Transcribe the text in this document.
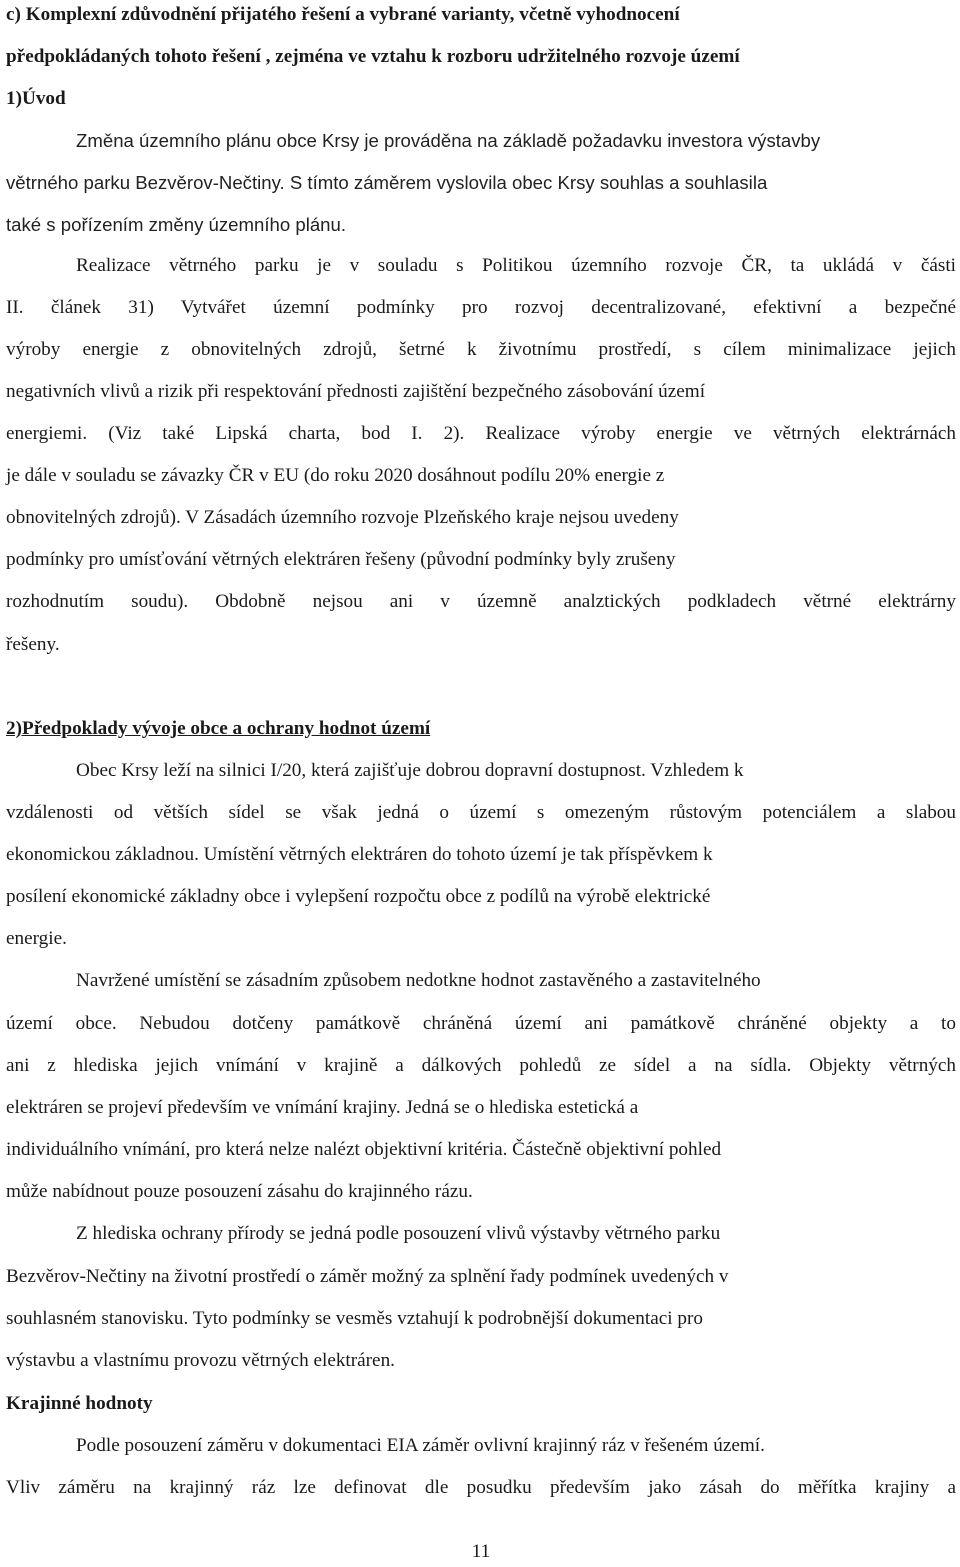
c) Komplexní zdůvodnění přijatého řešení a vybrané varianty, včetně vyhodnocení
předpokládaných tohoto řešení , zejména ve vztahu k rozboru udržitelného rozvoje území
1)Úvod
Změna územního plánu obce Krsy je prováděna na základě požadavku investora výstavby
větrného parku Bezvěrov-Nečtiny. S tímto záměrem vyslovila obec Krsy souhlas a souhlasila
také s pořízením změny územního plánu.
Realizace větrného parku je v souladu s Politikou územního rozvoje ČR, ta ukládá v části
II. článek 31) Vytvářet územní podmínky pro rozvoj decentralizované, efektivní a bezpečné
výroby energie z obnovitelných zdrojů, šetrné k životnímu prostředí, s cílem minimalizace jejich
negativních vlivů a rizik při respektování přednosti zajištění bezpečného zásobování území
energiemi. (Viz také Lipská charta, bod I. 2). Realizace výroby energie ve větrných elektrárnách
je dále v souladu se závazky ČR v EU (do roku 2020 dosáhnout podílu 20% energie z
obnovitelných zdrojů). V Zásadách územního rozvoje Plzeňského kraje nejsou uvedeny
podmínky pro umísťování větrných elektráren řešeny (původní podmínky byly zrušeny
rozhodnutím soudu). Obdobně nejsou ani v územně analztických podkladech větrné elektrárny
řešeny.
2)Předpoklady vývoje obce a ochrany hodnot území
Obec Krsy leží na silnici I/20, která zajišťuje dobrou dopravní dostupnost. Vzhledem k
vzdálenosti od větších sídel se však jedná o území s omezeným růstovým potenciálem a slabou
ekonomickou základnou. Umístění větrných elektráren do tohoto území je tak příspěvkem k
posílení ekonomické základny obce i vylepšení rozpočtu obce z podílů na výrobě elektrické
energie.
Navržené umístění se zásadním způsobem nedotkne hodnot zastavěného a zastavitelného
území obce. Nebudou dotčeny památkově chráněná území ani památkově chráněné objekty a to
ani z hlediska jejich vnímání v krajině a dálkových pohledů ze sídel a na sídla. Objekty větrných
elektráren se projeví především ve vnímání krajiny. Jedná se o hlediska estetická a
individuálního vnímání, pro která nelze nalézt objektivní kritéria. Částečně objektivní pohled
může nabídnout pouze posouzení zásahu do krajinného rázu.
Z hlediska ochrany přírody se jedná podle posouzení vlivů výstavby větrného parku
Bezvěrov-Nečtiny na životní prostředí o záměr možný za splnění řady podmínek uvedených v
souhlasném stanovisku. Tyto podmínky se vesměs vztahují k podrobnější dokumentaci pro
výstavbu a vlastnímu provozu větrných elektráren.
Krajinné hodnoty
Podle posouzení záměru v dokumentaci EIA záměr ovlivní krajinný ráz v řešeném území.
Vliv záměru na krajinný ráz lze definovat dle posudku především jako zásah do měřítka krajiny a
11
